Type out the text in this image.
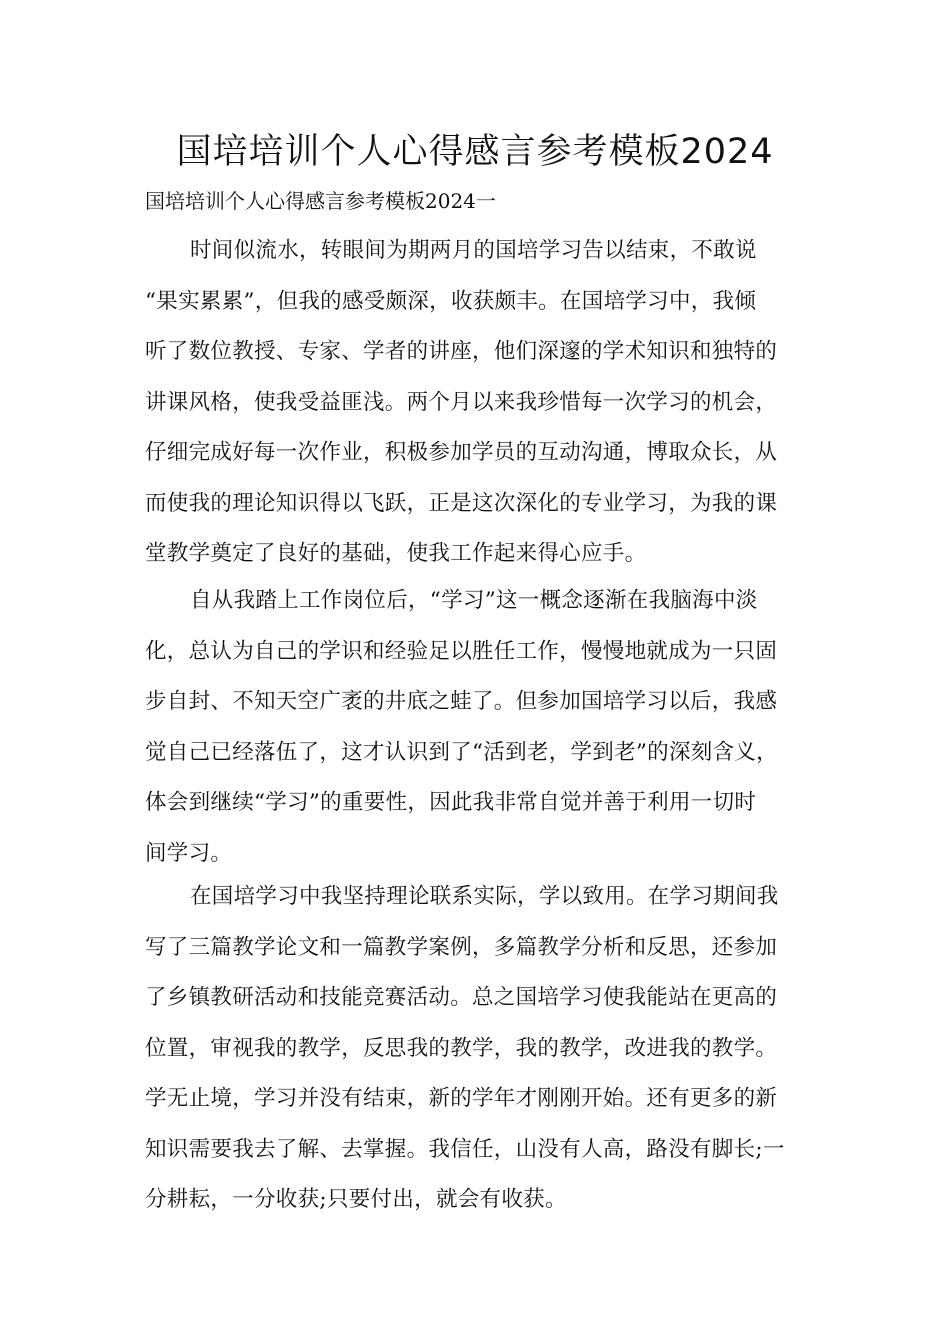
国培培训个人心得感言参考模板2024
国培培训个人心得感言参考模板2024一
时间似流水，转眼间为期两月的国培学习告以结束，不敢说
“果实累累”，但我的感受颇深，收获颇丰。在国培学习中，我倾
听了数位教授、专家、学者的讲座，他们深邃的学术知识和独特的
讲课风格，使我受益匪浅。两个月以来我珍惜每一次学习的机会，
仔细完成好每一次作业，积极参加学员的互动沟通，博取众长，从
而使我的理论知识得以飞跃，正是这次深化的专业学习，为我的课
堂教学奠定了良好的基础，使我工作起来得心应手。
自从我踏上工作岗位后，“学习”这一概念逐渐在我脑海中淡
化，总认为自己的学识和经验足以胜任工作，慢慢地就成为一只固
步自封、不知天空广袤的井底之蛙了。但参加国培学习以后，我感
觉自己已经落伍了，这才认识到了“活到老，学到老”的深刻含义，
体会到继续“学习”的重要性，因此我非常自觉并善于利用一切时
间学习。
在国培学习中我坚持理论联系实际，学以致用。在学习期间我
写了三篇教学论文和一篇教学案例，多篇教学分析和反思，还参加
了乡镇教研活动和技能竞赛活动。总之国培学习使我能站在更高的
位置，审视我的教学，反思我的教学，我的教学，改进我的教学。
学无止境，学习并没有结束，新的学年才刚刚开始。还有更多的新
知识需要我去了解、去掌握。我信任，山没有人高，路没有脚长;一
分耕耘，一分收获;只要付出，就会有收获。
